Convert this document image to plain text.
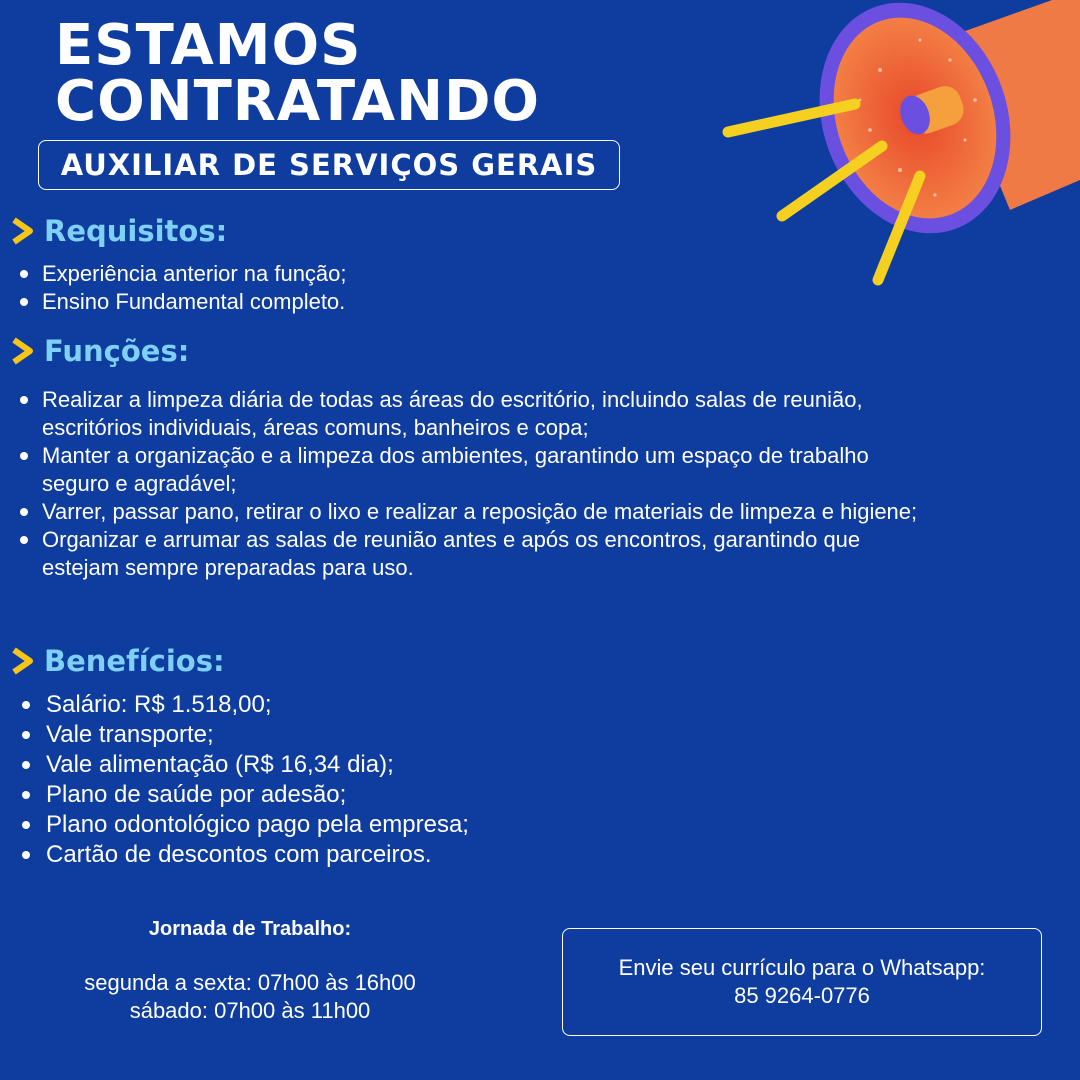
ESTAMOS
CONTRATANDO
AUXILIAR DE SERVIÇOS GERAIS
Requisitos:
Experiência anterior na função;
Ensino Fundamental completo.
Funções:
Realizar a limpeza diária de todas as áreas do escritório, incluindo salas de reunião, escritórios individuais, áreas comuns, banheiros e copa;
Manter a organização e a limpeza dos ambientes, garantindo um espaço de trabalho seguro e agradável;
Varrer, passar pano, retirar o lixo e realizar a reposição de materiais de limpeza e higiene;
Organizar e arrumar as salas de reunião antes e após os encontros, garantindo que estejam sempre preparadas para uso.
Benefícios:
Salário: R$ 1.518,00;
Vale transporte;
Vale alimentação (R$ 16,34 dia);
Plano de saúde por adesão;
Plano odontológico pago pela empresa;
Cartão de descontos com parceiros.
Jornada de Trabalho:
segunda a sexta: 07h00 às 16h00
sábado: 07h00 às 11h00
Envie seu currículo para o Whatsapp:
85 9264-0776
